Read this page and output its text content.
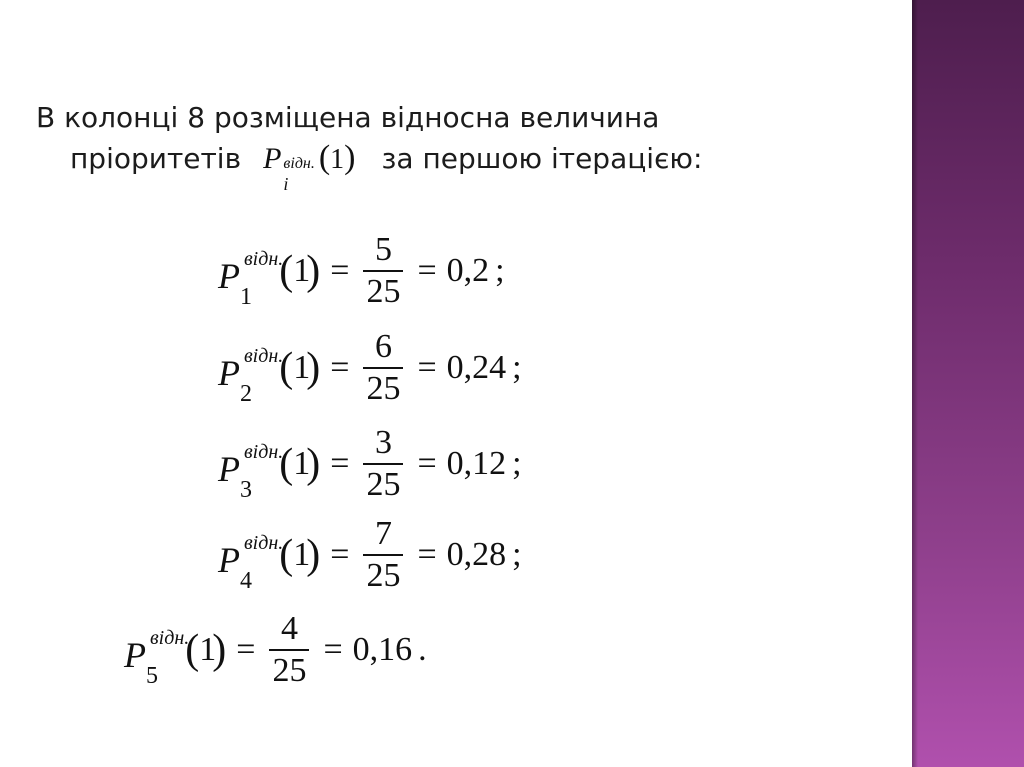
В колонці 8 розміщена відносна величина
пріоритетів P відн.
i
( 1 ) за першою ітерацією:
P
1
відн.
( 1
) = $\frac{5}{25} = 0,2$ ;
P
2
відн.
( 1
) = $\frac{6}{25} = 0,24$ ;
P
3
відн.
( 1
) = $\frac{3}{25} = 0,12$ ;
P
4
відн.
( 1
) = $\frac{7}{25} = 0,28$ ;
P
5
відн.
( 1
) = $\frac{4}{25} = 0,16$ .
